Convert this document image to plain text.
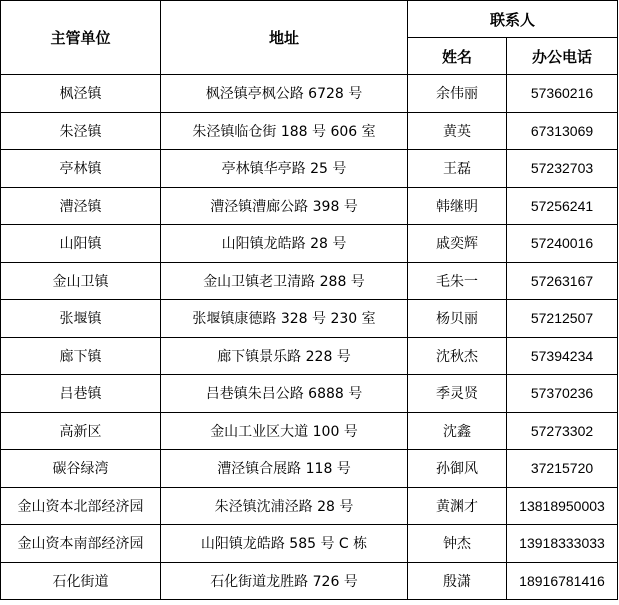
主管单位	地址	联系人	
		姓名	办公电话
枫泾镇	枫泾镇亭枫公路 6728 号	余伟丽	57360216
朱泾镇	朱泾镇临仓街 188 号 606 室	黄英	67313069
亭林镇	亭林镇华亭路 25 号	王磊	57232703
漕泾镇	漕泾镇漕廊公路 398 号	韩继明	57256241
山阳镇	山阳镇龙皓路 28 号	戚奕辉	57240016
金山卫镇	金山卫镇老卫清路 288 号	毛朱一	57263167
张堰镇	张堰镇康德路 328 号 230 室	杨贝丽	57212507
廊下镇	廊下镇景乐路 228 号	沈秋杰	57394234
吕巷镇	吕巷镇朱吕公路 6888 号	季灵贤	57370236
高新区	金山工业区大道 100 号	沈鑫	57273302
碳谷绿湾	漕泾镇合展路 118 号	孙御风	37215720
金山资本北部经济园	朱泾镇沈浦泾路 28 号	黄渊才	13818950003
金山资本南部经济园	山阳镇龙皓路 585 号 C 栋	钟杰	13918333033
石化街道	石化街道龙胜路 726 号	殷潇	18916781416
